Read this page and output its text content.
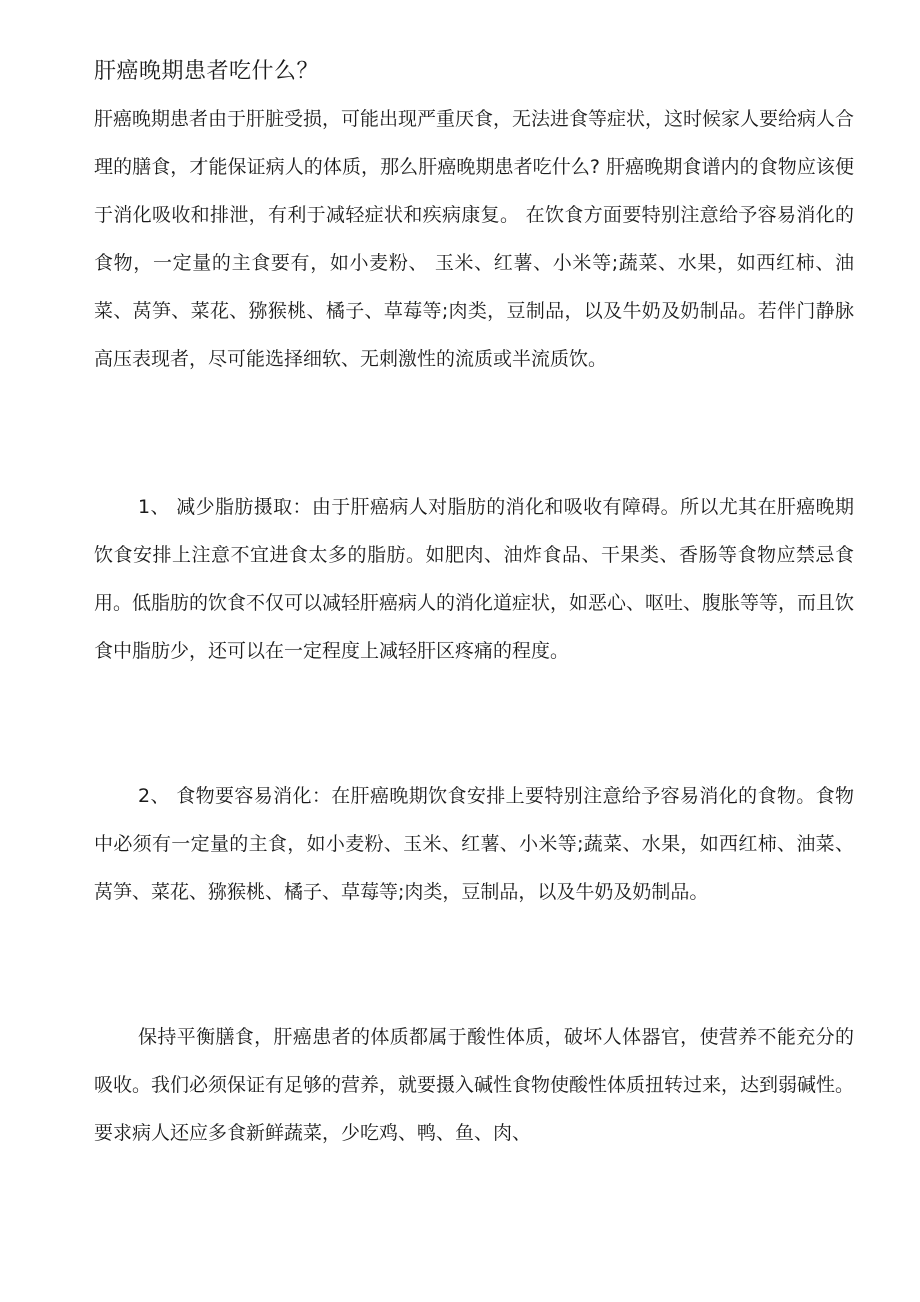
肝癌晚期患者吃什么？

肝癌晚期患者由于肝脏受损，可能出现严重厌食，无法进食等症状，这时候家人要给病人合理的膳食，才能保证病人的体质，那么肝癌晚期患者吃什么? 肝癌晚期食谱内的食物应该便于消化吸收和排泄，有利于减轻症状和疾病康复。 在饮食方面要特别注意给予容易消化的食物，一定量的主食要有，如小麦粉、 玉米、红薯、小米等;蔬菜、水果，如西红柿、油菜、莴笋、菜花、猕猴桃、橘子、草莓等;肉类，豆制品，以及牛奶及奶制品。若伴门静脉高压表现者，尽可能选择细软、无刺激性的流质或半流质饮。

1、 减少脂肪摄取：由于肝癌病人对脂肪的消化和吸收有障碍。所以尤其在肝癌晚期饮食安排上注意不宜进食太多的脂肪。如肥肉、油炸食品、干果类、香肠等食物应禁忌食用。低脂肪的饮食不仅可以减轻肝癌病人的消化道症状，如恶心、呕吐、腹胀等等，而且饮食中脂肪少，还可以在一定程度上减轻肝区疼痛的程度。

2、 食物要容易消化：在肝癌晚期饮食安排上要特别注意给予容易消化的食物。食物中必须有一定量的主食，如小麦粉、玉米、红薯、小米等;蔬菜、水果，如西红柿、油菜、莴笋、菜花、猕猴桃、橘子、草莓等;肉类，豆制品，以及牛奶及奶制品。

保持平衡膳食，肝癌患者的体质都属于酸性体质，破坏人体器官，使营养不能充分的吸收。我们必须保证有足够的营养，就要摄入碱性食物使酸性体质扭转过来，达到弱碱性。要求病人还应多食新鲜蔬菜，少吃鸡、鸭、鱼、肉、
